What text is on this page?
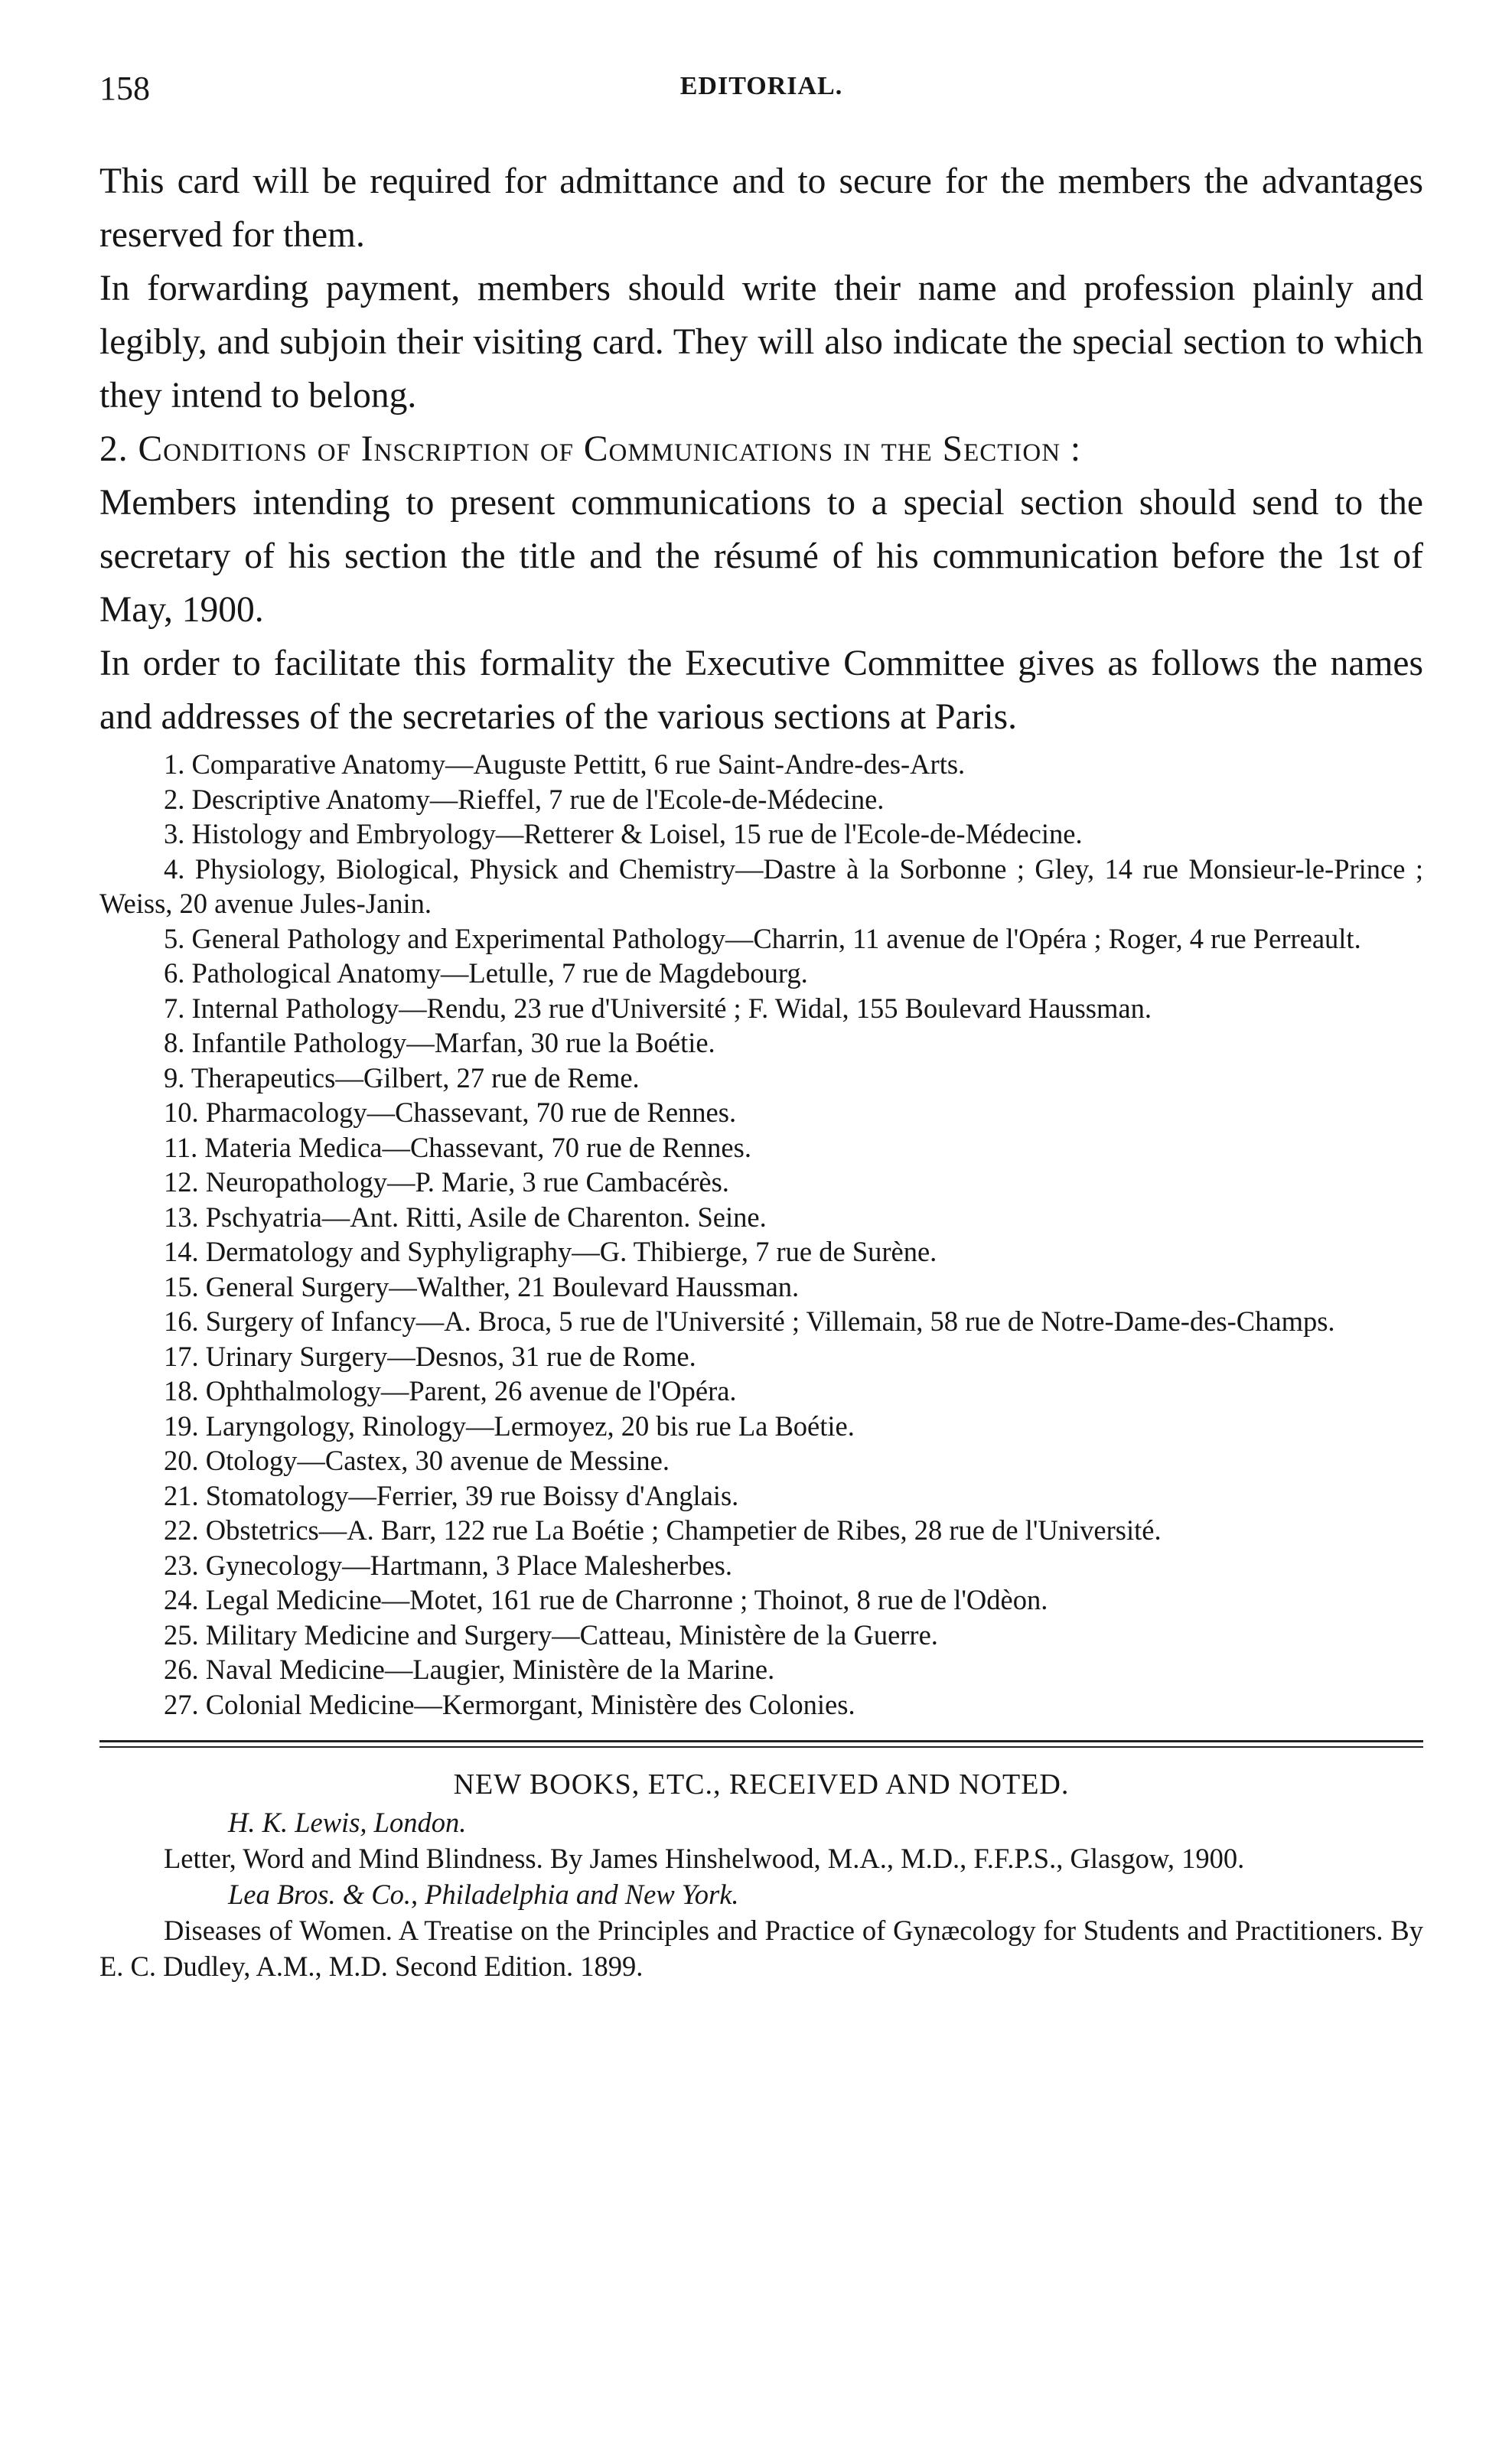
158	EDITORIAL.

This card will be required for admittance and to secure for the members the advantages reserved for them.

In forwarding payment, members should write their name and profession plainly and legibly, and subjoin their visiting card. They will also indicate the special section to which they intend to belong.

2. Conditions of Inscription of Communications in the Section :

Members intending to present communications to a special section should send to the secretary of his section the title and the résumé of his communication before the 1st of May, 1900.

In order to facilitate this formality the Executive Committee gives as follows the names and addresses of the secretaries of the various sections at Paris.

1. Comparative Anatomy—Auguste Pettitt, 6 rue Saint-Andre-des-Arts.
2. Descriptive Anatomy—Rieffel, 7 rue de l'Ecole-de-Médecine.
3. Histology and Embryology—Retterer & Loisel, 15 rue de l'Ecole-de-Médecine.
4. Physiology, Biological, Physick and Chemistry—Dastre à la Sorbonne ; Gley, 14 rue Monsieur-le-Prince ; Weiss, 20 avenue Jules-Janin.
5. General Pathology and Experimental Pathology—Charrin, 11 avenue de l'Opéra ; Roger, 4 rue Perreault.
6. Pathological Anatomy—Letulle, 7 rue de Magdebourg.
7. Internal Pathology—Rendu, 23 rue d'Université ; F. Widal, 155 Boulevard Haussman.
8. Infantile Pathology—Marfan, 30 rue la Boétie.
9. Therapeutics—Gilbert, 27 rue de Reme.
10. Pharmacology—Chassevant, 70 rue de Rennes.
11. Materia Medica—Chassevant, 70 rue de Rennes.
12. Neuropathology—P. Marie, 3 rue Cambacérès.
13. Pschyatria—Ant. Ritti, Asile de Charenton. Seine.
14. Dermatology and Syphyligraphy—G. Thibierge, 7 rue de Surène.
15. General Surgery—Walther, 21 Boulevard Haussman.
16. Surgery of Infancy—A. Broca, 5 rue de l'Université ; Villemain, 58 rue de Notre-Dame-des-Champs.
17. Urinary Surgery—Desnos, 31 rue de Rome.
18. Ophthalmology—Parent, 26 avenue de l'Opéra.
19. Laryngology, Rinology—Lermoyez, 20 bis rue La Boétie.
20. Otology—Castex, 30 avenue de Messine.
21. Stomatology—Ferrier, 39 rue Boissy d'Anglais.
22. Obstetrics—A. Barr, 122 rue La Boétie ; Champetier de Ribes, 28 rue de l'Université.
23. Gynecology—Hartmann, 3 Place Malesherbes.
24. Legal Medicine—Motet, 161 rue de Charronne ; Thoinot, 8 rue de l'Odèon.
25. Military Medicine and Surgery—Catteau, Ministère de la Guerre.
26. Naval Medicine—Laugier, Ministère de la Marine.
27. Colonial Medicine—Kermorgant, Ministère des Colonies.
NEW BOOKS, ETC., RECEIVED AND NOTED.
H. K. Lewis, London.
Letter, Word and Mind Blindness. By James Hinshelwood, M.A., M.D., F.F.P.S., Glasgow, 1900.
Lea Bros. & Co., Philadelphia and New York.
Diseases of Women. A Treatise on the Principles and Practice of Gynæcology for Students and Practitioners. By E. C. Dudley, A.M., M.D. Second Edition. 1899.
